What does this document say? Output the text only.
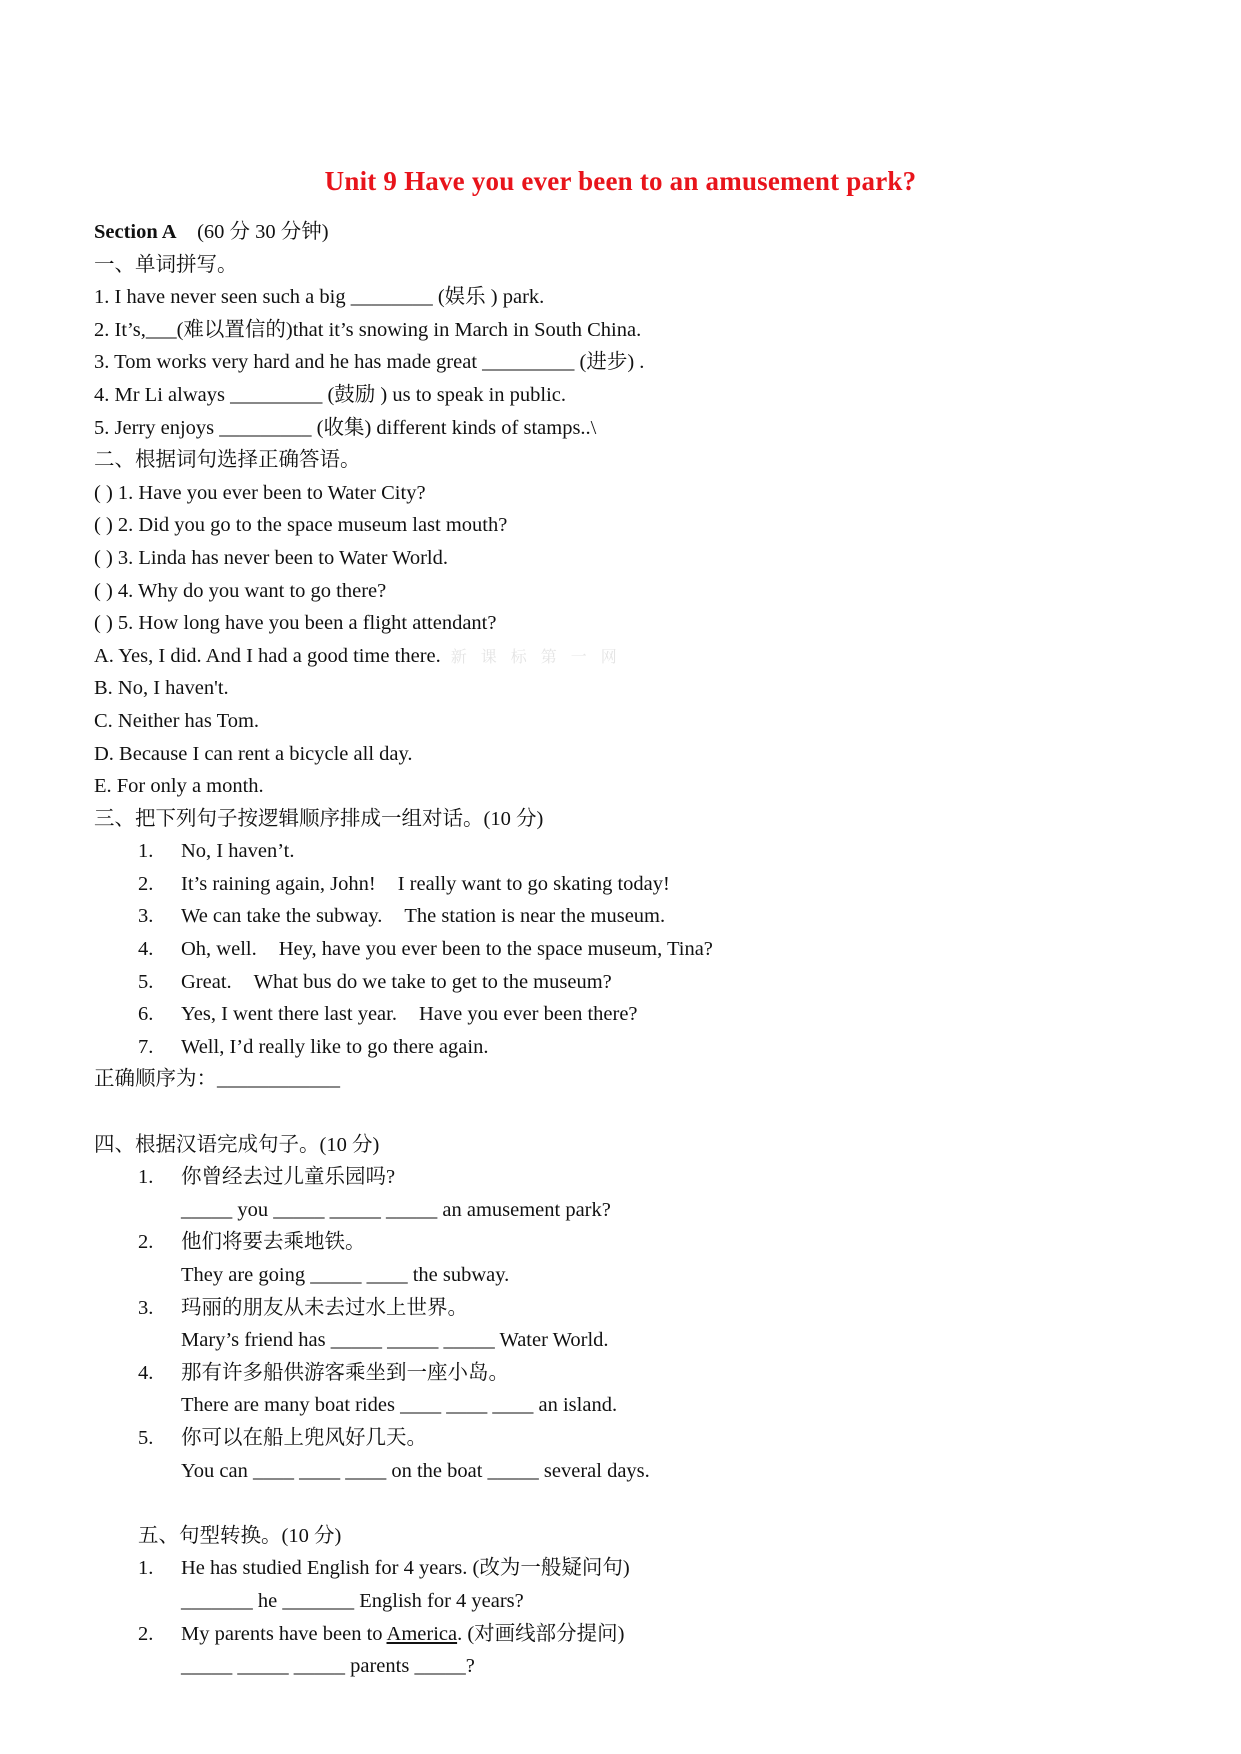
Unit 9 Have you ever been to an amusement park?
Section A (60 分 30 分钟)
一、单词拼写。
1. I have never seen such a big ________ (娱乐 ) park.
2. It’s,___(难以置信的)that it’s snowing in March in South China.
3. Tom works very hard and he has made great _________ (进步) .
4. Mr Li always _________ (鼓励 ) us to speak in public.
5. Jerry enjoys _________ (收集) different kinds of stamps..\
二、根据词句选择正确答语。
( ) 1. Have you ever been to Water City?
( ) 2. Did you go to the space museum last mouth?
( ) 3. Linda has never been to Water World.
( ) 4. Why do you want to go there?
( ) 5. How long have you been a flight attendant?
A. Yes, I did. And I had a good time there. 新课标第一网
B. No, I haven't.
C. Neither has Tom.
D. Because I can rent a bicycle all day.
E. For only a month.
三、把下列句子按逻辑顺序排成一组对话。(10 分)
1. No, I haven’t.
2. It’s raining again, John! I really want to go skating today!
3. We can take the subway. The station is near the museum.
4. Oh, well. Hey, have you ever been to the space museum, Tina?
5. Great. What bus do we take to get to the museum?
6. Yes, I went there last year. Have you ever been there?
7. Well, I’d really like to go there again.
正确顺序为：____________
四、根据汉语完成句子。(10 分)
1. 你曾经去过儿童乐园吗?
_____ you _____ _____ _____ an amusement park?
2. 他们将要去乘地铁。
They are going _____ ____ the subway.
3. 玛丽的朋友从未去过水上世界。
Mary’s friend has _____ _____ _____ Water World.
4. 那有许多船供游客乘坐到一座小岛。
There are many boat rides ____ ____ ____ an island.
5. 你可以在船上兜风好几天。
You can ____ ____ ____ on the boat _____ several days.
五、句型转换。(10 分)
1. He has studied English for 4 years. (改为一般疑问句)
_______ he _______ English for 4 years?
2. My parents have been to America. (对画线部分提问)
_____ _____ _____ parents _____?
